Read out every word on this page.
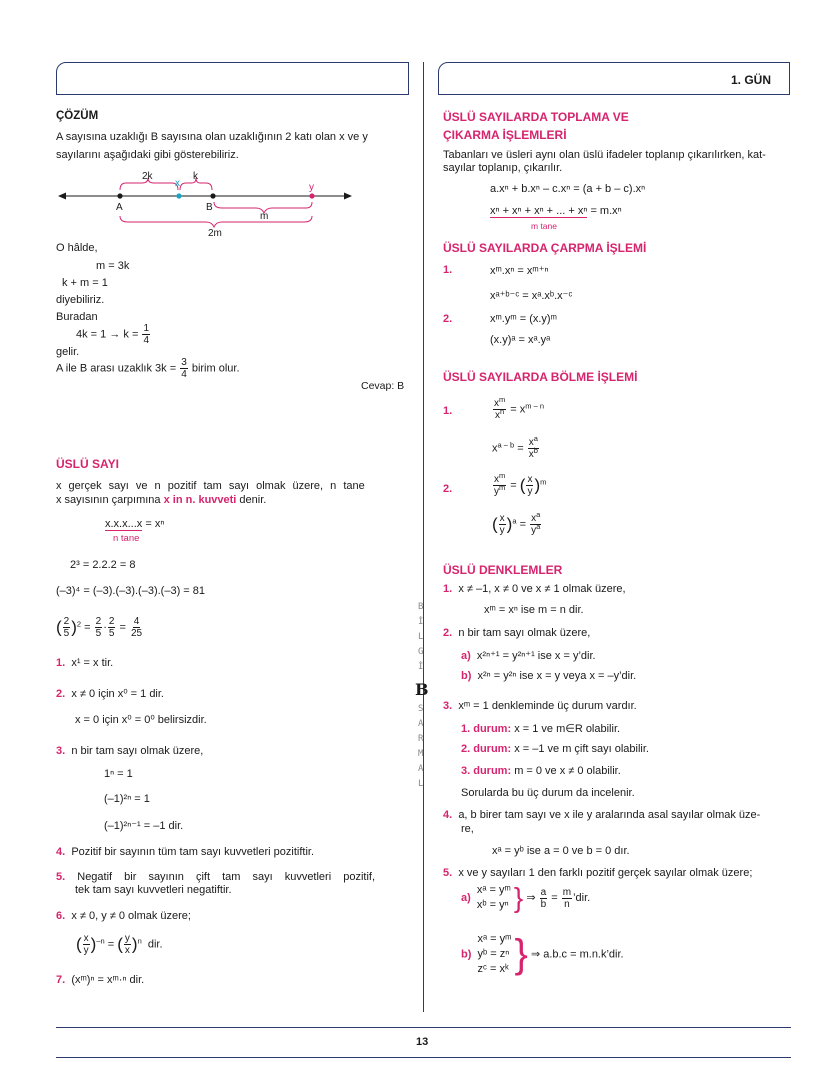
1. GÜN
B
İ
L
G
İ
B
S
A
R
M
A
L
ÇÖZÜM
A sayısına uzaklığı B sayısına olan uzaklığının 2 katı olan x ve y
sayılarını aşağıdaki gibi gösterebiliriz.
2k
x
k
y
A	B
m
2m
O hâlde,
m = 3k
k + m = 1
diyebiliriz.
Buradan
$4k = 1 \to k = \frac{1}{4}$
gelir.
A ile B arası uzaklık $3k = \frac{3}{4}$ birim olur.
Cevap: B
ÜSLÜ SAYI
x gerçek sayı ve n pozitif tam sayı olmak üzere, n tane
x sayısının çarpımına x in n. kuvveti denir.
x.x.x...x = xⁿ
n tane
2³ = 2.2.2 = 8
(–3)⁴ = (–3).(–3).(–3).(–3) = 81
( $\frac{2}{5} )^2 = \frac{2}{5} \cdot \frac{2}{5} = \frac{4}{25}$
1. x¹ = x tir.
2. x ≠ 0 için x⁰ = 1 dir.
x = 0 için x⁰ = 0⁰ belirsizdir.
3. n bir tam sayı olmak üzere,
1ⁿ = 1
(–1)²ⁿ = 1
(–1)²ⁿ⁻¹ = –1 dir.
4. Pozitif bir sayının tüm tam sayı kuvvetleri pozitiftir.
5. Negatif bir sayının çift tam sayı kuvvetleri pozitif,
tek tam sayı kuvvetleri negatiftir.
6. x ≠ 0, y ≠ 0 olmak üzere;
( $\frac{x}{y} )^{-n}$ = ( $\frac{y}{x} )^n$ dir.
7. (xᵐ)ⁿ = xᵐ·ⁿ dir.
ÜSLÜ SAYILARDA TOPLAMA VE
ÇIKARMA İŞLEMLERİ
Tabanları ve üsleri aynı olan üslü ifadeler toplanıp çıkarılırken, kat-
sayılar toplanıp, çıkarılır.
a.xⁿ + b.xⁿ – c.xⁿ = (a + b – c).xⁿ
xⁿ + xⁿ + xⁿ + ... + xⁿ = m.xⁿ
m tane
ÜSLÜ SAYILARDA ÇARPMA İŞLEMİ
1.	xᵐ.xⁿ = xᵐ⁺ⁿ
xᵃ⁺ᵇ⁻ᶜ = xᵃ.xᵇ.x⁻ᶜ
2.	xᵐ.yᵐ = (x.y)ᵐ
(x.y)ᵃ = xᵃ.yᵃ
ÜSLÜ SAYILARDA BÖLME İŞLEMİ
1.	$\frac{x^m}{x^n} = x^{m - n}$
$x^{a - b} = \frac{x^a}{x^b}$
2.	$\frac{x^m}{y^m}$ = ( $\frac{x}{y} )^m$
( $\frac{x}{y} )^a = \frac{x^a}{y^a}$
ÜSLÜ DENKLEMLER
1. x ≠ –1, x ≠ 0 ve x ≠ 1 olmak üzere,
xᵐ = xⁿ ise m = n dir.
2. n bir tam sayı olmak üzere,
a) x²ⁿ⁺¹ = y²ⁿ⁺¹ ise x = y’dir.
b) x²ⁿ = y²ⁿ ise x = y veya x = –y’dir.
3. xᵐ = 1 denkleminde üç durum vardır.
1. durum: x = 1 ve m∈R olabilir.
2. durum: x = –1 ve m çift sayı olabilir.
3. durum: m = 0 ve x ≠ 0 olabilir.
Sorularda bu üç durum da incelenir.
4. a, b birer tam sayı ve x ile y aralarında asal sayılar olmak üze-
re,
xᵃ = yᵇ ise a = 0 ve b = 0 dır.
5. x ve y sayıları 1 den farklı pozitif gerçek sayılar olmak üzere;
a)
xᵃ = yᵐ
xᵇ = yⁿ } ⇒ $\frac{a}{b} = \frac{m}{n}$ ’dir.
b)
xᵃ = yᵐ
yᵇ = zⁿ
zᶜ = xᵏ } ⇒ a.b.c = m.n.k’dir.
13
